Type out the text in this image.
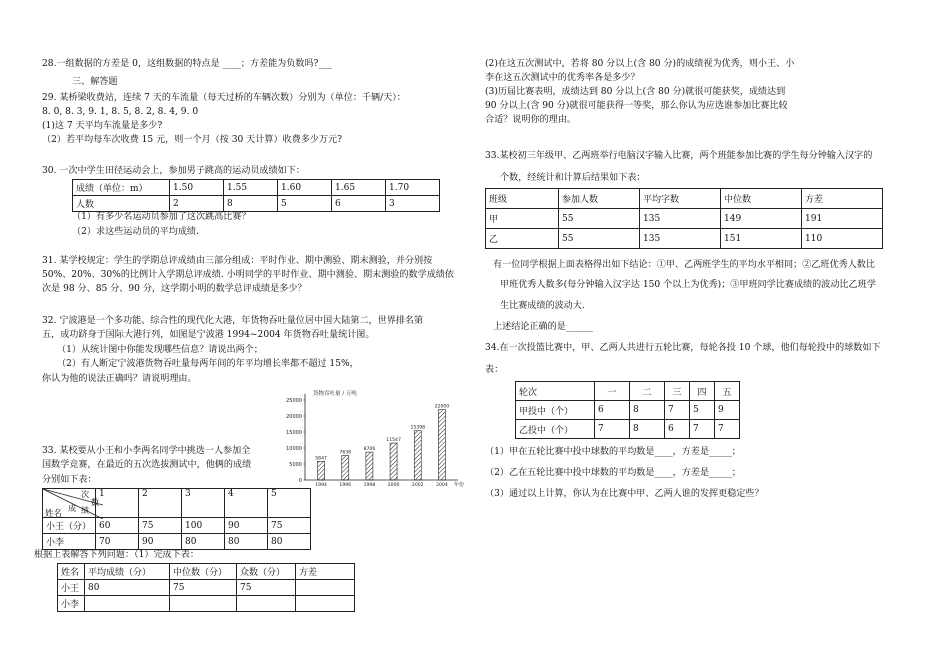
28.一组数据的方差是 0，这组数据的特点是 ____；方差能为负数吗?___
三、解答题
29. 某桥梁收费站，连续 7 天的车流量（每天过桥的车辆次数）分别为（单位：千辆/天）：
8. 0, 8. 3, 9. 1, 8. 5, 8. 2, 8. 4, 9. 0
(1)这 7 天平均车流量是多少?
（2）若平均每车次收费 15 元，则一个月（按 30 天计算）收费多少万元?
30. 一次中学生田径运动会上，参加男子跳高的运动员成绩如下：
成绩（单位：m）	1.50	1.55	1.60	1.65	1.70
人数	2	8	5	6	3
（1）有多少名运动员参加了这次跳高比赛？
（2）求这些运动员的平均成绩.
31. 某学校规定：学生的学期总评成绩由三部分组成：平时作业、期中测验、期末测验，并分别按
50%、20%、30%的比例计入学期总评成绩. 小明同学的平时作业、期中测验、期末测验的数学成绩依
次是 98 分、85 分、90 分，这学期小明的数学总评成绩是多少？
32. 宁波港是一个多功能、综合性的现代化大港，年货物吞吐量位居中国大陆第二，世界排名第
五，成功跻身于国际大港行列，如图是宁波港 1994~2004 年货物吞吐量统计图。
（1）从统计图中你能发现哪些信息？请说出两个；
（2）有人断定宁波港货物吞吐量每两年间的年平均增长率都不超过 15%，
你认为他的说法正确吗？请说明理由。
33. 某校要从小王和小李两名同学中挑选一人参加全
国数学竞赛，在最近的五次选拔测试中，他俩的成绩
分别如下表：
次
数
成 绩
姓名	1	2	3	4	5
小王（分）	60	75	100	90	75
小李	70	90	80	80	80
根据上表解答下列问题：（1）完成下表：
姓名	平均成绩（分）	中位数（分）	众数（分）	方差
小王	80	75	75	
小李				
货物吞吐量 / 万吨
0
5000
10000
15000
20000
25000
5847
1994
7638
1996
8706
1998
11547
2000
15398
2002
22000
2004 年份
(2)在这五次测试中，若将 80 分以上(含 80 分)的成绩视为优秀，则小王、小
李在这五次测试中的优秀率各是多少？
(3)历届比赛表明，成绩达到 80 分以上(含 80 分)就很可能获奖，成绩达到
90 分以上(含 90 分)就很可能获得一等奖，那么你认为应选谁参加比赛比较
合适？说明你的理由。
33.某校初三年级甲、乙两班举行电脑汉字输入比赛，两个班能参加比赛的学生每分钟输入汉字的
个数，经统计和计算后结果如下表：
班级	参加人数	平均字数	中位数	方差
甲	55	135	149	191
乙	55	135	151	110
有一位同学根据上面表格得出如下结论：①甲、乙两班学生的平均水平相同；②乙班优秀人数比
甲班优秀人数多(每分钟输入汉字达 150 个以上为优秀)；③甲班同学比赛成绩的波动比乙班学
生比赛成绩的波动大.
上述结论正确的是______
34.在一次投篮比赛中，甲、乙两人共进行五轮比赛，每轮各投 10 个球，他们每轮投中的球数如下
表：
轮次	一	二	三	四	五
甲投中（个）	6	8	7	5	9
乙投中（个）	7	8	6	7	7
（1）甲在五轮比赛中投中球数的平均数是____，方差是_____；
（2）乙在五轮比赛中投中球数的平均数是____，方差是_____；
（3）通过以上计算，你认为在比赛中甲、乙两人谁的发挥更稳定些？
